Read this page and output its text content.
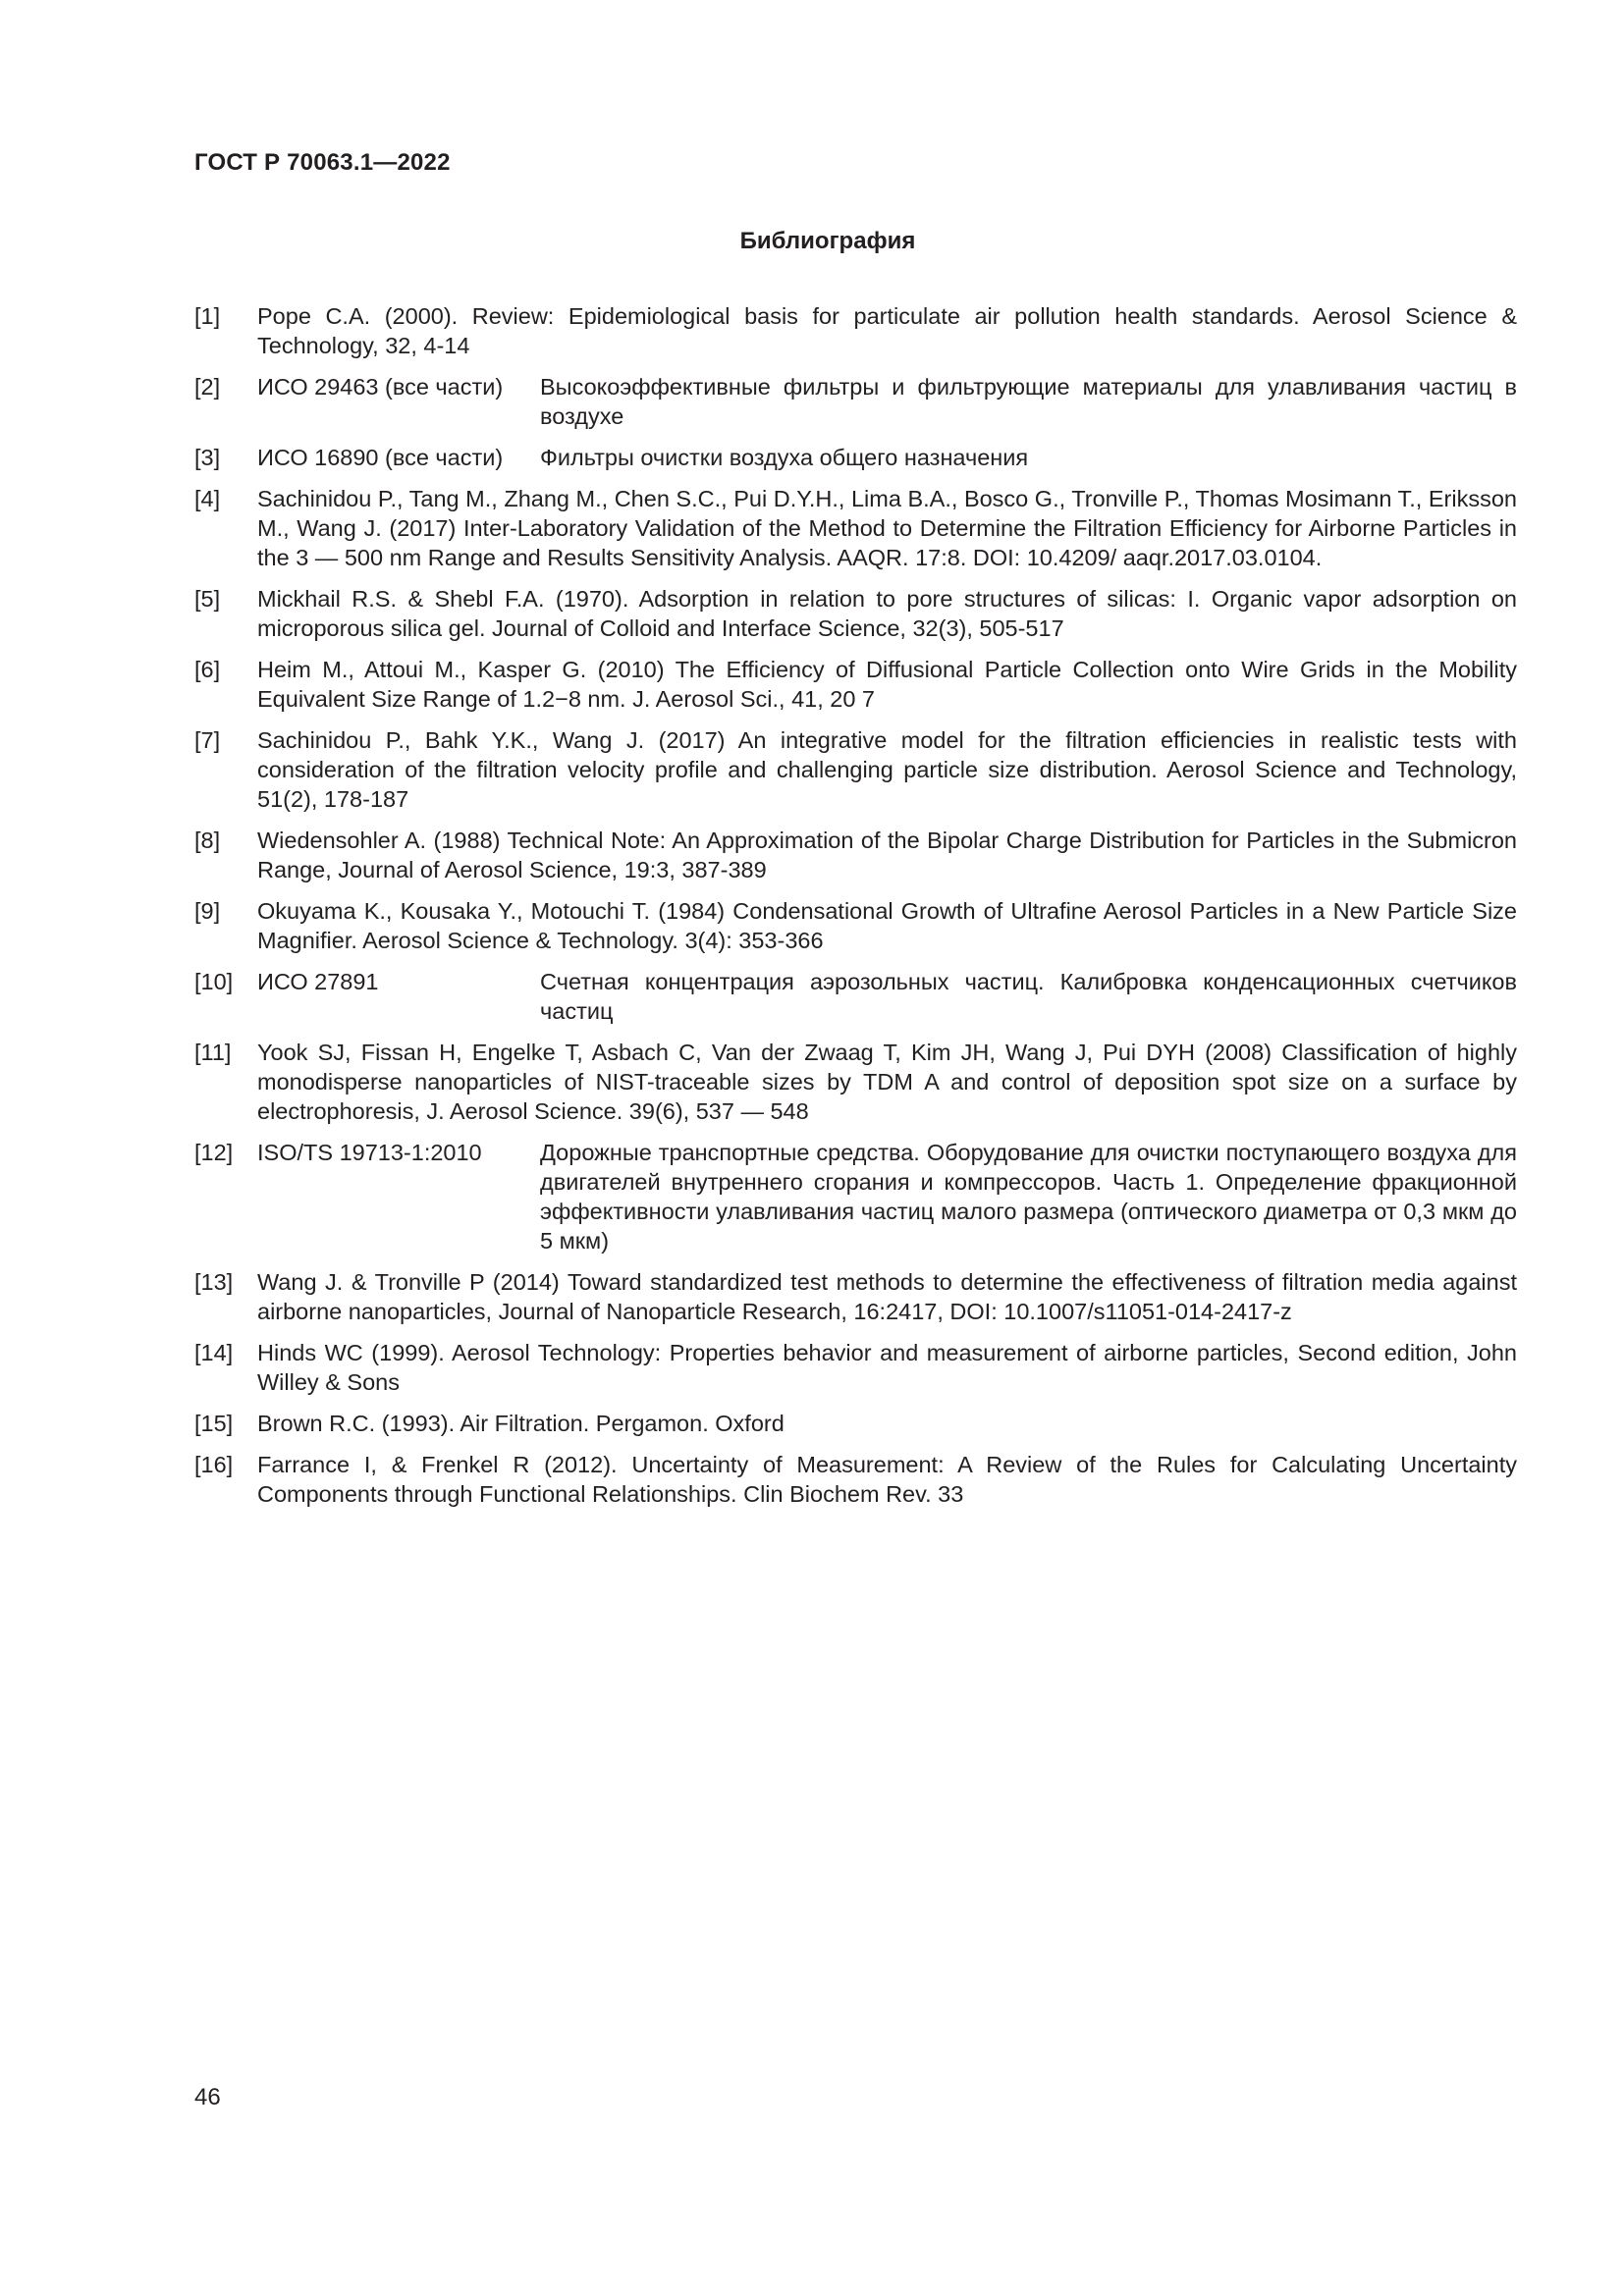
ГОСТ Р 70063.1—2022
Библиография
[1] Pope C.A. (2000). Review: Epidemiological basis for particulate air pollution health standards. Aerosol Science & Technology, 32, 4-14
[2] ИСО 29463 (все части)	Высокоэффективные фильтры и фильтрующие материалы для улавливания частиц в воздухе
[3] ИСО 16890 (все части)	Фильтры очистки воздуха общего назначения
[4] Sachinidou P., Tang M., Zhang M., Chen S.C., Pui D.Y.H., Lima B.A., Bosco G., Tronville P., Thomas Mosimann T., Eriksson M., Wang J. (2017) Inter-Laboratory Validation of the Method to Determine the Filtration Efficiency for Airborne Particles in the 3 — 500 nm Range and Results Sensitivity Analysis. AAQR. 17:8. DOI: 10.4209/ aaqr.2017.03.0104.
[5] Mickhail R.S. & Shebl F.A. (1970). Adsorption in relation to pore structures of silicas: I. Organic vapor adsorption on microporous silica gel. Journal of Colloid and Interface Science, 32(3), 505-517
[6] Heim M., Attoui M., Kasper G. (2010) The Efficiency of Diffusional Particle Collection onto Wire Grids in the Mobility Equivalent Size Range of 1.2−8 nm. J. Aerosol Sci., 41, 20 7
[7] Sachinidou P., Bahk Y.K., Wang J. (2017) An integrative model for the filtration efficiencies in realistic tests with consideration of the filtration velocity profile and challenging particle size distribution. Aerosol Science and Technology, 51(2), 178-187
[8] Wiedensohler A. (1988) Technical Note: An Approximation of the Bipolar Charge Distribution for Particles in the Submicron Range, Journal of Aerosol Science, 19:3, 387-389
[9] Okuyama K., Kousaka Y., Motouchi T. (1984) Condensational Growth of Ultrafine Aerosol Particles in a New Particle Size Magnifier. Aerosol Science & Technology. 3(4): 353-366
[10] ИСО 27891	Счетная концентрация аэрозольных частиц. Калибровка конденсационных счетчиков частиц
[11] Yook SJ, Fissan H, Engelke T, Asbach C, Van der Zwaag T, Kim JH, Wang J, Pui DYH (2008) Classification of highly monodisperse nanoparticles of NIST-traceable sizes by TDM A and control of deposition spot size on a surface by electrophoresis, J. Aerosol Science. 39(6), 537 — 548
[12] ISO/TS 19713-1:2010	Дорожные транспортные средства. Оборудование для очистки поступающего воздуха для двигателей внутреннего сгорания и компрессоров. Часть 1. Определение фракционной эффективности улавливания частиц малого размера (оптического диаметра от 0,3 мкм до 5 мкм)
[13] Wang J. & Tronville P (2014) Toward standardized test methods to determine the effectiveness of filtration media against airborne nanoparticles, Journal of Nanoparticle Research, 16:2417, DOI: 10.1007/s11051-014-2417-z
[14] Hinds WC (1999). Aerosol Technology: Properties behavior and measurement of airborne particles, Second edition, John Willey & Sons
[15] Brown R.C. (1993). Air Filtration. Pergamon. Oxford
[16] Farrance I, & Frenkel R (2012). Uncertainty of Measurement: A Review of the Rules for Calculating Uncertainty Components through Functional Relationships. Clin Biochem Rev. 33
46
